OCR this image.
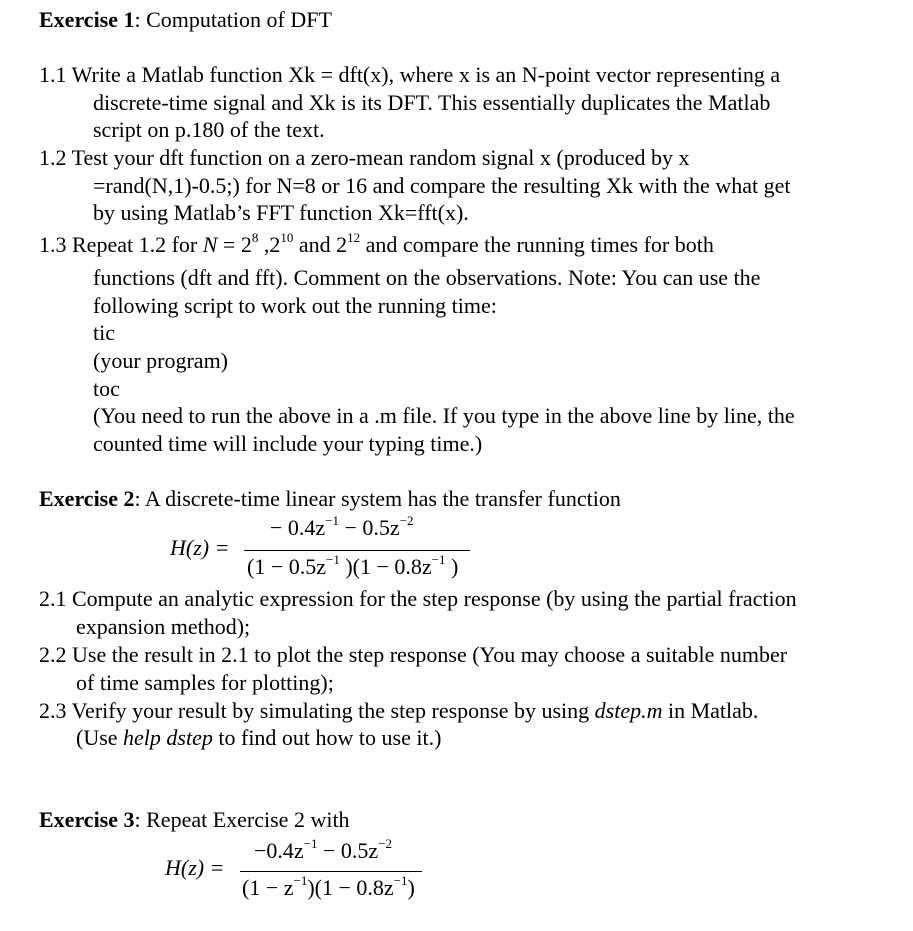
Exercise 1: Computation of DFT
1.1 Write a Matlab function Xk = dft(x), where x is an N-point vector representing a
discrete-time signal and Xk is its DFT. This essentially duplicates the Matlab
script on p.180 of the text.
1.2 Test your dft function on a zero-mean random signal x (produced by x
=rand(N,1)-0.5;) for N=8 or 16 and compare the resulting Xk with the what get
by using Matlab’s FFT function Xk=fft(x).
1.3 Repeat 1.2 for $N = 2^8$ $,2^{10}$ and $2^{12}$ and compare the running times for both
functions (dft and fft). Comment on the observations. Note: You can use the
following script to work out the running time:
tic
(your program)
toc
(You need to run the above in a .m file. If you type in the above line by line, the
counted time will include your typing time.)
Exercise 2: A discrete-time linear system has the transfer function
H(z) =
− $0.4z^{-1} - 0.5z^{-2}$
($1 - 0.5z^{-1}$ )($1 - 0.8z^{-1}$ )
2.1 Compute an analytic expression for the step response (by using the partial fraction
expansion method);
2.2 Use the result in 2.1 to plot the step response (You may choose a suitable number
of time samples for plotting);
2.3 Verify your result by simulating the step response by using dstep.m in Matlab.
(Use help dstep to find out how to use it.)
Exercise 3: Repeat Exercise 2 with
H(z) =
$-0.4z^{-1} - 0.5z^{-2}$
$(1 - z^{-1})(1 - 0.8z^{-1})$
